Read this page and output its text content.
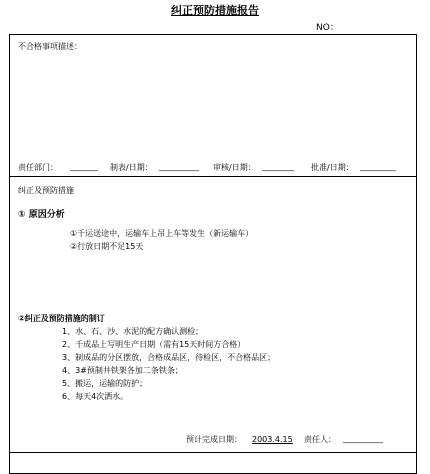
纠正预防措施报告
NO：
不合格事项描述：
责任部门： _______ 制表/日期： __________ 审核/日期： ________ 批准/日期： _________
纠正及预防措施
① 原因分析
①千运送途中，运输车上吊上车等发生（新运输车）
②行放日期不足15天
②纠正及预防措施的制订
1、水、石、沙、水泥的配方确认测检；
2、千成品上写明生产日期（需有15天时间方合格）
3、制成品的分区摆放，合格成品区，待检区，不合格品区；
4、3#预制井铁架各加二条铁条；
5、搬运，运输的防护；
6、每天4次洒水。
预计完成日期： 2003.4.15 责任人： __________
